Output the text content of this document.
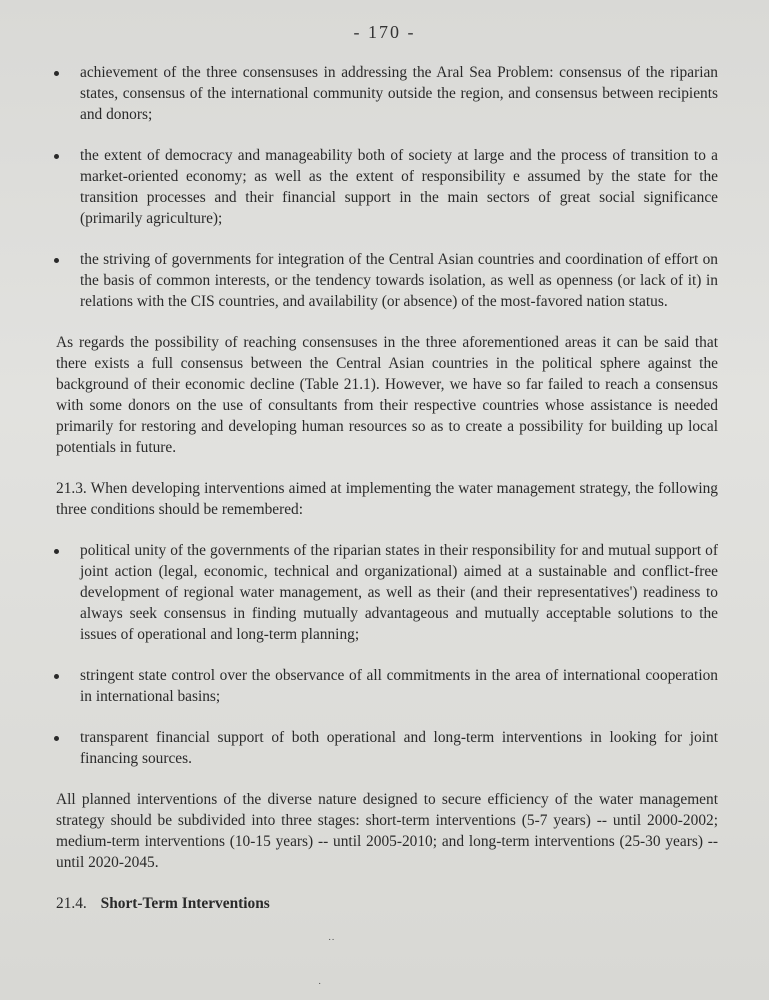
- 170 -
achievement of the three consensuses in addressing the Aral Sea Problem: consensus of the riparian states, consensus of the international community outside the region, and consensus between recipients and donors;
the extent of democracy and manageability both of society at large and the process of transition to a market-oriented economy; as well as the extent of responsibility e assumed by the state for the transition processes and their financial support in the main sectors of great social significance (primarily agriculture);
the striving of governments for integration of the Central Asian countries and coordination of effort on the basis of common interests, or the tendency towards isolation, as well as openness (or lack of it) in relations with the CIS countries, and availability (or absence) of the most-favored nation status.

As regards the possibility of reaching consensuses in the three aforementioned areas it can be said that there exists a full consensus between the Central Asian countries in the political sphere against the background of their economic decline (Table 21.1). However, we have so far failed to reach a consensus with some donors on the use of consultants from their respective countries whose assistance is needed primarily for restoring and developing human resources so as to create a possibility for building up local potentials in future.

21.3. When developing interventions aimed at implementing the water management strategy, the following three conditions should be remembered:

political unity of the governments of the riparian states in their responsibility for and mutual support of joint action (legal, economic, technical and organizational) aimed at a sustainable and conflict-free development of regional water management, as well as their (and their representatives') readiness to always seek consensus in finding mutually advantageous and mutually acceptable solutions to the issues of operational and long-term planning;
stringent state control over the observance of all commitments in the area of international cooperation in international basins;
transparent financial support of both operational and long-term interventions in looking for joint financing sources.

All planned interventions of the diverse nature designed to secure efficiency of the water management strategy should be subdivided into three stages: short-term interventions (5-7 years) -- until 2000-2002; medium-term interventions (10-15 years) -- until 2005-2010; and long-term interventions (25-30 years) -- until 2020-2045.

21.4. Short-Term Interventions
˙˙
˙
